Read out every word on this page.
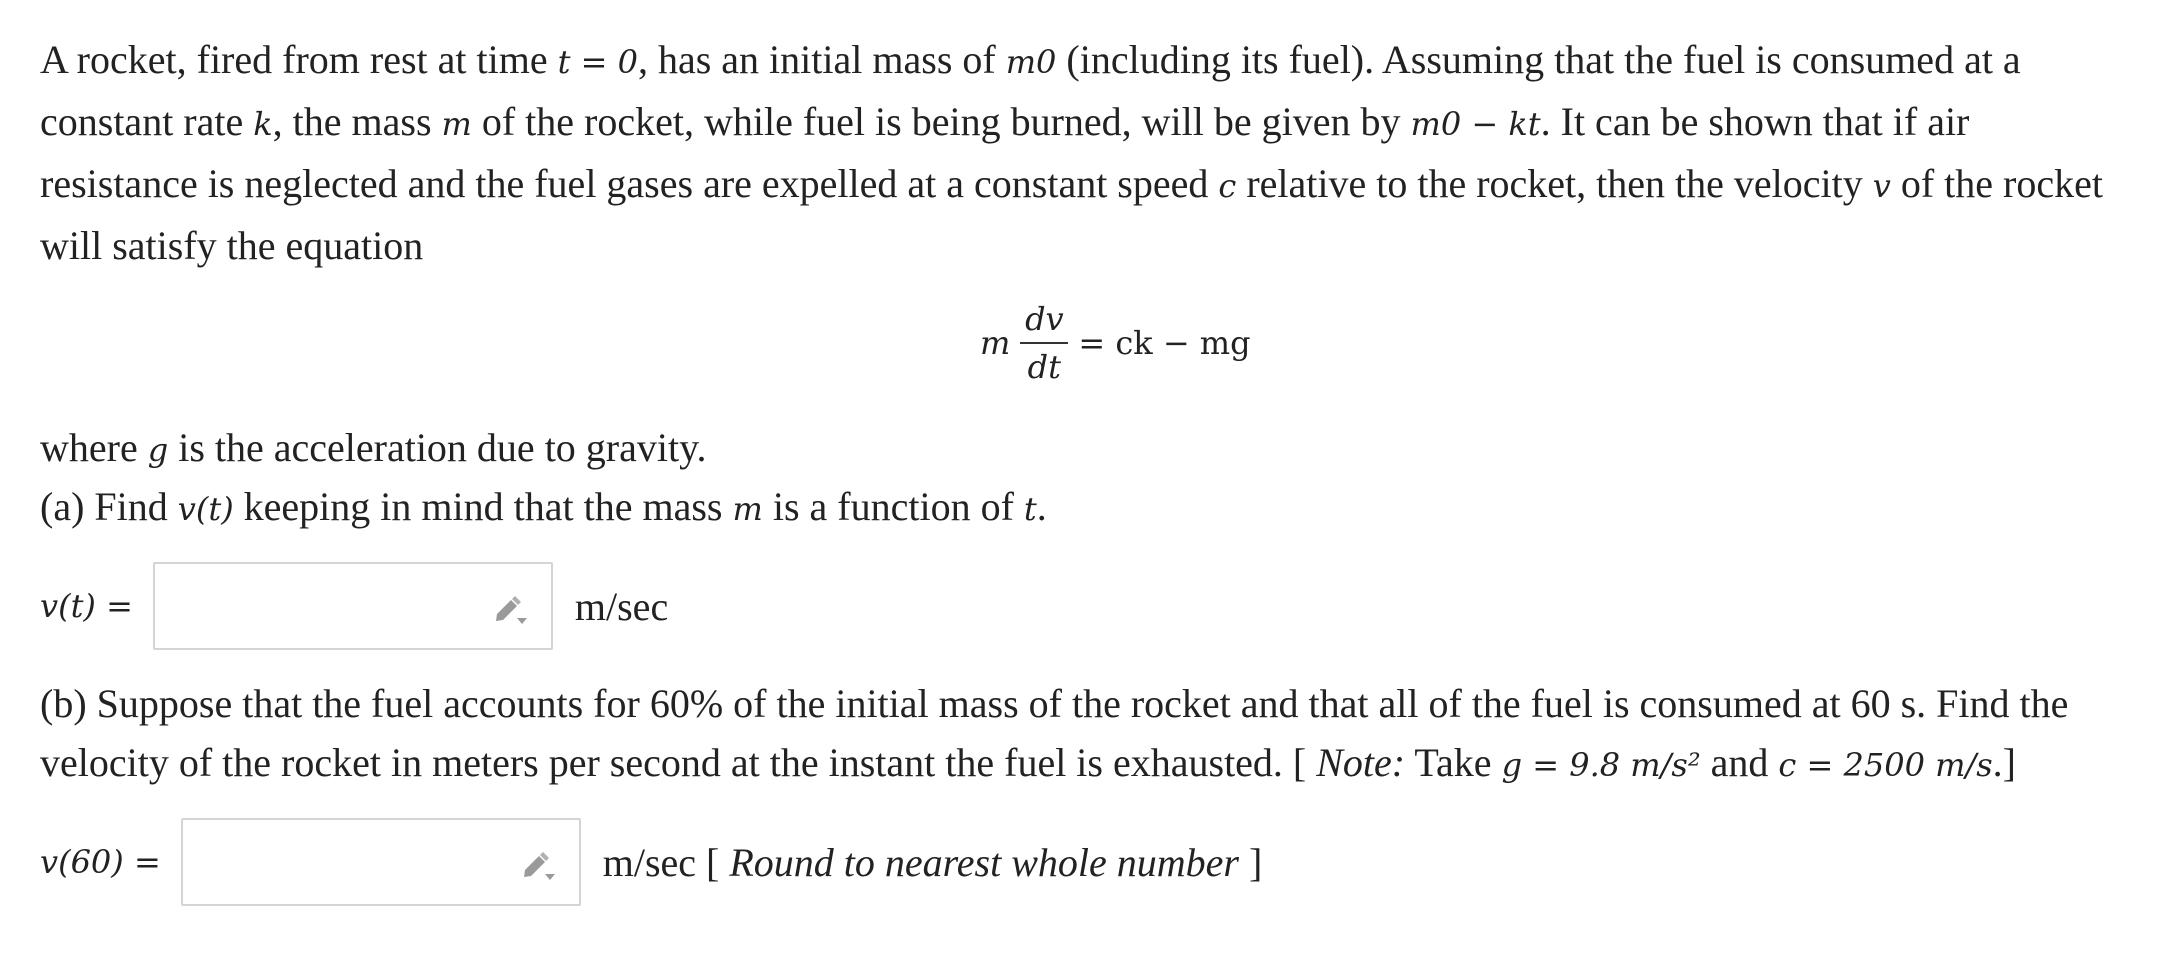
A rocket, fired from rest at time t = 0, has an initial mass of m0 (including its fuel). Assuming that the fuel is consumed at a constant rate k, the mass m of the rocket, while fuel is being burned, will be given by m0 − kt. It can be shown that if air resistance is neglected and the fuel gases are expelled at a constant speed c relative to the rocket, then the velocity v of the rocket will satisfy the equation

m $\frac{dv}{dt}$ = ck − mg

where g is the acceleration due to gravity.

(a) Find v(t) keeping in mind that the mass m is a function of t.

v(t) =	m/sec

(b) Suppose that the fuel accounts for 60% of the initial mass of the rocket and that all of the fuel is consumed at 60 s. Find the velocity of the rocket in meters per second at the instant the fuel is exhausted. [ Note: Take g = 9.8 m/s² and c = 2500 m/s.]

v(60) =	m/sec [ Round to nearest whole number ]
